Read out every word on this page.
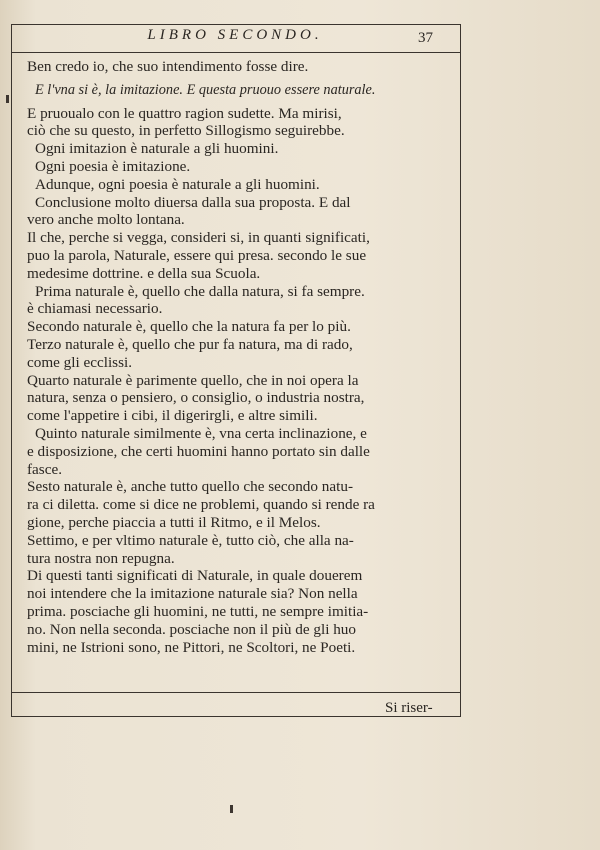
LIBRO SECONDO.	37
Ben credo io, che suo intendimento fosse dire.
E l'vna si è, la imitazione. E questa pruouo essere naturale.
E pruoualo con le quattro ragion sudette. Ma mirisi,
ciò che su questo, in perfetto Sillogismo seguirebbe.
Ogni imitazion è naturale a gli huomini.
Ogni poesia è imitazione.
Adunque, ogni poesia è naturale a gli huomini.
Conclusione molto diuersa dalla sua proposta. E dal
vero anche molto lontana.
Il che, perche si vegga, consideri si, in quanti significati,
puo la parola, Naturale, essere qui presa. secondo le sue
medesime dottrine. e della sua Scuola.
Prima naturale è, quello che dalla natura, si fa sempre.
è chiamasi necessario.
Secondo naturale è, quello che la natura fa per lo più.
Terzo naturale è, quello che pur fa natura, ma di rado,
come gli ecclissi.
Quarto naturale è parimente quello, che in noi opera la
natura, senza o pensiero, o consiglio, o industria nostra,
come l'appetire i cibi, il digerirgli, e altre simili.
Quinto naturale similmente è, vna certa inclinazione, e
e disposizione, che certi huomini hanno portato sin dalle
fasce.
Sesto naturale è, anche tutto quello che secondo natu-
ra ci diletta. come si dice ne problemi, quando si rende ra
gione, perche piaccia a tutti il Ritmo, e il Melos.
Settimo, e per vltimo naturale è, tutto ciò, che alla na-
tura nostra non repugna.
Di questi tanti significati di Naturale, in quale douerem
noi intendere che la imitazione naturale sia? Non nella
prima. posciache gli huomini, ne tutti, ne sempre imitia-
no. Non nella seconda. posciache non il più de gli huo
mini, ne Istrioni sono, ne Pittori, ne Scoltori, ne Poeti.
Si riser-
